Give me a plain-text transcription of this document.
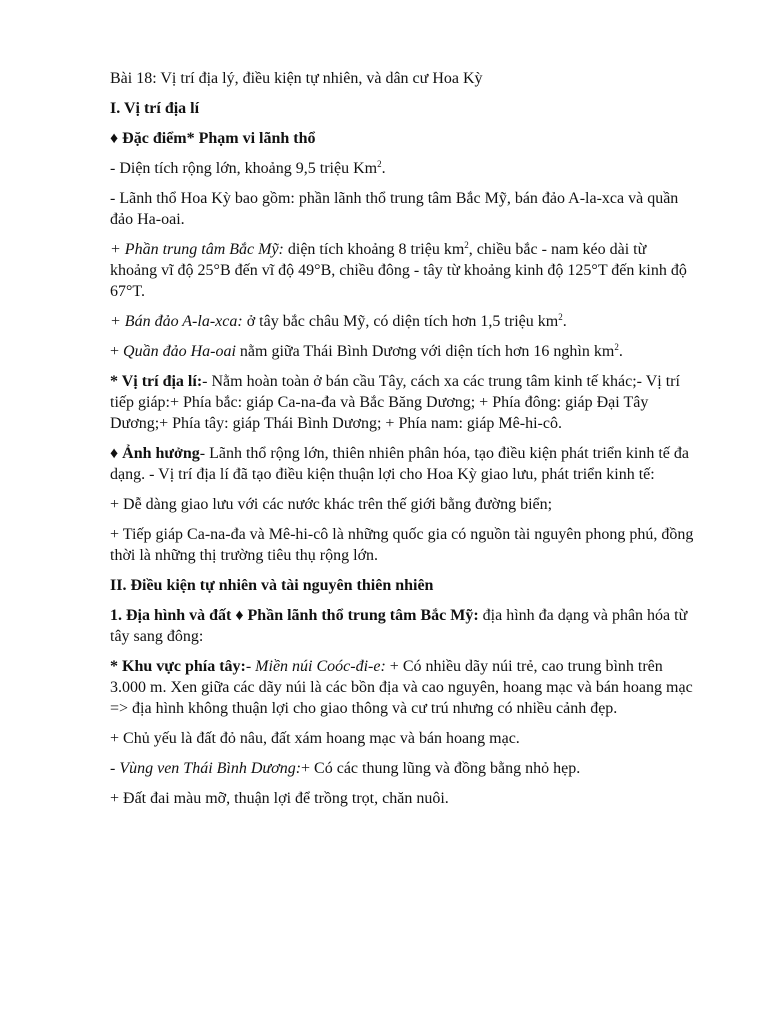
Bài 18: Vị trí địa lý, điều kiện tự nhiên, và dân cư Hoa Kỳ

I. Vị trí địa lí

♦ Đặc điểm* Phạm vi lãnh thổ

- Diện tích rộng lớn, khoảng 9,5 triệu Km$^2$.

- Lãnh thổ Hoa Kỳ bao gồm: phần lãnh thổ trung tâm Bắc Mỹ, bán đảo A-la-xca và quần đảo Ha-oai.

+ Phần trung tâm Bắc Mỹ: diện tích khoảng 8 triệu $km^2$, chiều bắc - nam kéo dài từ khoảng vĩ độ 25°B đến vĩ độ 49°B, chiều đông - tây từ khoảng kinh độ 125°T đến kinh độ 67°T.

+ Bán đảo A-la-xca: ở tây bắc châu Mỹ, có diện tích hơn 1,5 triệu $km^2$.

+ Quần đảo Ha-oai nằm giữa Thái Bình Dương với diện tích hơn 16 nghìn $km^2$.

* Vị trí địa lí:- Nằm hoàn toàn ở bán cầu Tây, cách xa các trung tâm kinh tế khác;- Vị trí tiếp giáp:+ Phía bắc: giáp Ca-na-đa và Bắc Băng Dương; + Phía đông: giáp Đại Tây Dương;+ Phía tây: giáp Thái Bình Dương; + Phía nam: giáp Mê-hi-cô.

♦ Ảnh hưởng- Lãnh thổ rộng lớn, thiên nhiên phân hóa, tạo điều kiện phát triển kinh tế đa dạng. - Vị trí địa lí đã tạo điều kiện thuận lợi cho Hoa Kỳ giao lưu, phát triển kinh tế:

+ Dễ dàng giao lưu với các nước khác trên thế giới bằng đường biển;

+ Tiếp giáp Ca-na-đa và Mê-hi-cô là những quốc gia có nguồn tài nguyên phong phú, đồng thời là những thị trường tiêu thụ rộng lớn.

II. Điều kiện tự nhiên và tài nguyên thiên nhiên

1. Địa hình và đất ♦ Phần lãnh thổ trung tâm Bắc Mỹ: địa hình đa dạng và phân hóa từ tây sang đông:

* Khu vực phía tây:- Miền núi Coóc-đi-e: + Có nhiều dãy núi trẻ, cao trung bình trên 3.000 m. Xen giữa các dãy núi là các bồn địa và cao nguyên, hoang mạc và bán hoang mạc => địa hình không thuận lợi cho giao thông và cư trú nhưng có nhiều cảnh đẹp.

+ Chủ yếu là đất đỏ nâu, đất xám hoang mạc và bán hoang mạc.

- Vùng ven Thái Bình Dương:+ Có các thung lũng và đồng bằng nhỏ hẹp.

+ Đất đai màu mỡ, thuận lợi để trồng trọt, chăn nuôi.
